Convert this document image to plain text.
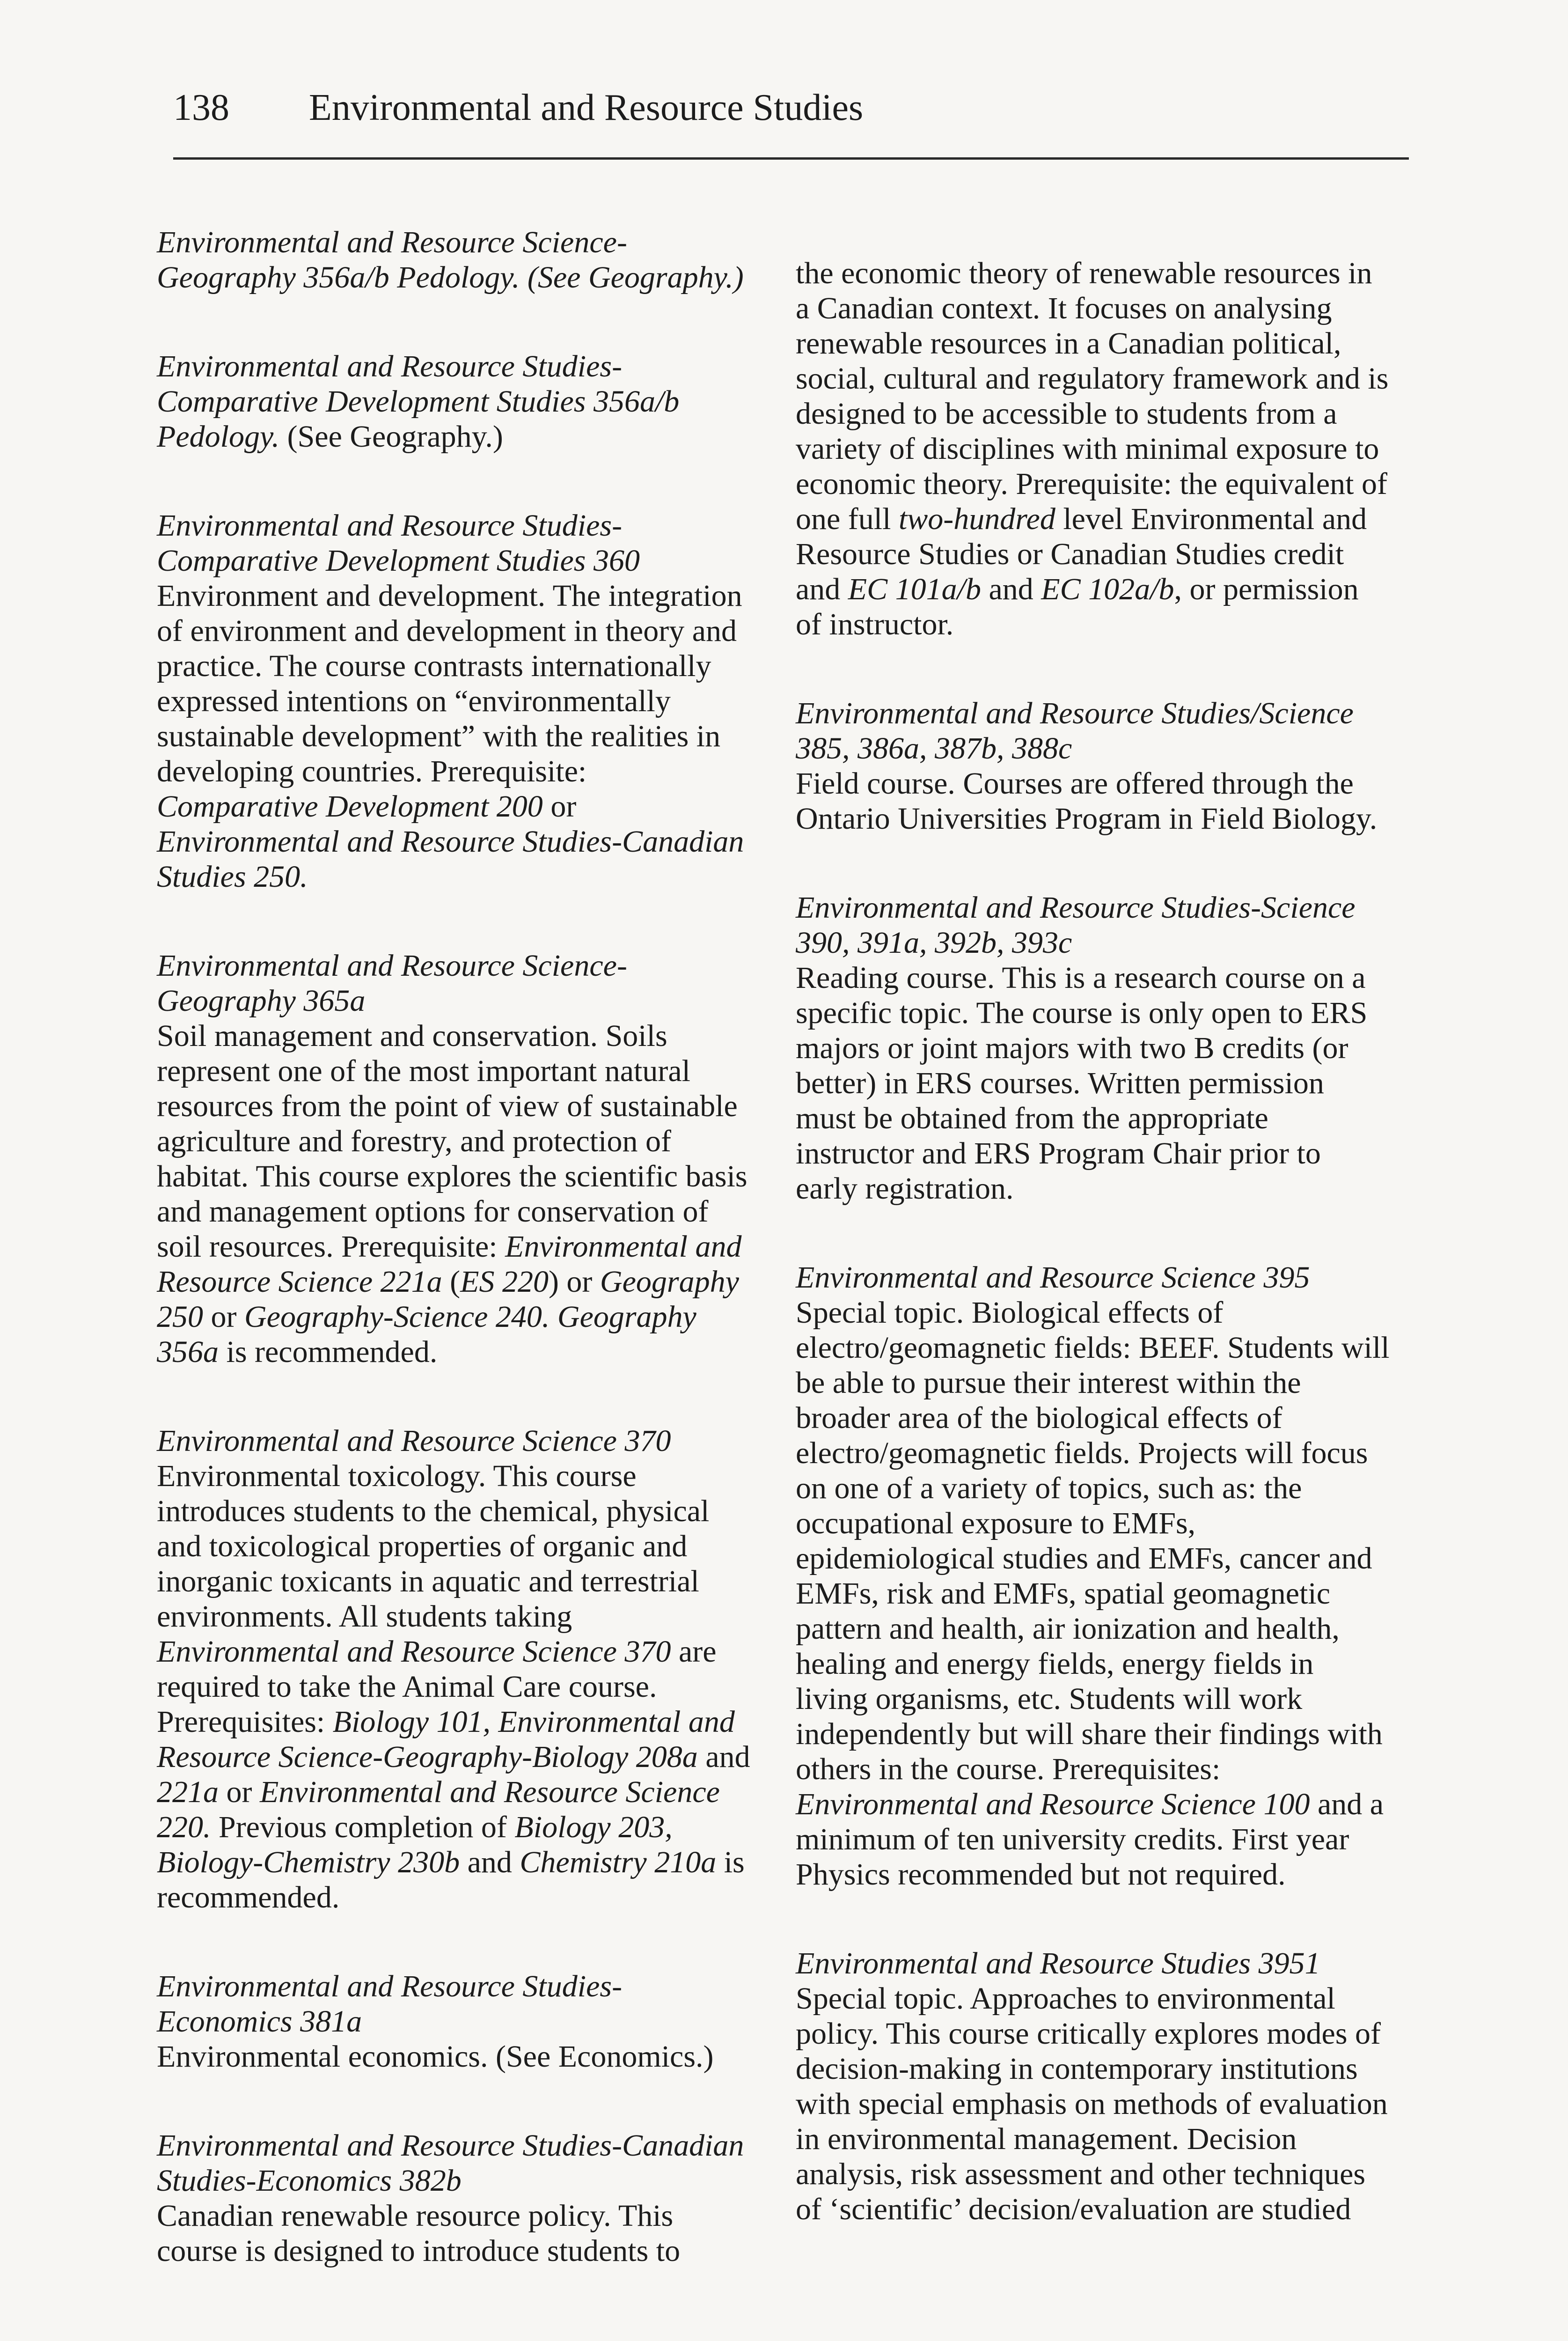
138 Environmental and Resource Studies
Environmental and Resource Science-Geography 356a/b Pedology. (See Geography.)
Environmental and Resource Studies-Comparative Development Studies 356a/b Pedology. (See Geography.)
Environmental and Resource Studies-Comparative Development Studies 360

Environment and development. The integration of environment and development in theory and practice. The course contrasts internationally expressed intentions on “environmentally sustainable development” with the realities in developing countries. Prerequisite: Comparative Development 200 or Environmental and Resource Studies-Canadian Studies 250.

Environmental and Resource Science-Geography 365a

Soil management and conservation. Soils represent one of the most important natural resources from the point of view of sustainable agriculture and forestry, and protection of habitat. This course explores the scientific basis and management options for conservation of soil resources. Prerequisite: Environmental and Resource Science 221a (ES 220) or Geography 250 or Geography-Science 240. Geography 356a is recommended.

Environmental and Resource Science 370

Environmental toxicology. This course introduces students to the chemical, physical and toxicological properties of organic and inorganic toxicants in aquatic and terrestrial environments. All students taking Environmental and Resource Science 370 are required to take the Animal Care course. Prerequisites: Biology 101, Environmental and Resource Science-Geography-Biology 208a and 221a or Environmental and Resource Science 220. Previous completion of Biology 203, Biology-Chemistry 230b and Chemistry 210a is recommended.

Environmental and Resource Studies-Economics 381a

Environmental economics. (See Economics.)

Environmental and Resource Studies-Canadian Studies-Economics 382b

Canadian renewable resource policy. This course is designed to introduce students to

the economic theory of renewable resources in a Canadian context. It focuses on analysing renewable resources in a Canadian political, social, cultural and regulatory framework and is designed to be accessible to students from a variety of disciplines with minimal exposure to economic theory. Prerequisite: the equivalent of one full two-hundred level Environmental and Resource Studies or Canadian Studies credit and EC 101a/b and EC 102a/b, or permission of instructor.

Environmental and Resource Studies/Science 385, 386a, 387b, 388c

Field course. Courses are offered through the Ontario Universities Program in Field Biology.

Environmental and Resource Studies-Science 390, 391a, 392b, 393c

Reading course. This is a research course on a specific topic. The course is only open to ERS majors or joint majors with two B credits (or better) in ERS courses. Written permission must be obtained from the appropriate instructor and ERS Program Chair prior to early registration.

Environmental and Resource Science 395

Special topic. Biological effects of electro/geomagnetic fields: BEEF. Students will be able to pursue their interest within the broader area of the biological effects of electro/geomagnetic fields. Projects will focus on one of a variety of topics, such as: the occupational exposure to EMFs, epidemiological studies and EMFs, cancer and EMFs, risk and EMFs, spatial geomagnetic pattern and health, air ionization and health, healing and energy fields, energy fields in living organisms, etc. Students will work independently but will share their findings with others in the course. Prerequisites: Environmental and Resource Science 100 and a minimum of ten university credits. First year Physics recommended but not required.

Environmental and Resource Studies 3951

Special topic. Approaches to environmental policy. This course critically explores modes of decision-making in contemporary institutions with special emphasis on methods of evaluation in environmental management. Decision analysis, risk assessment and other techniques of ‘scientific’ decision/evaluation are studied
